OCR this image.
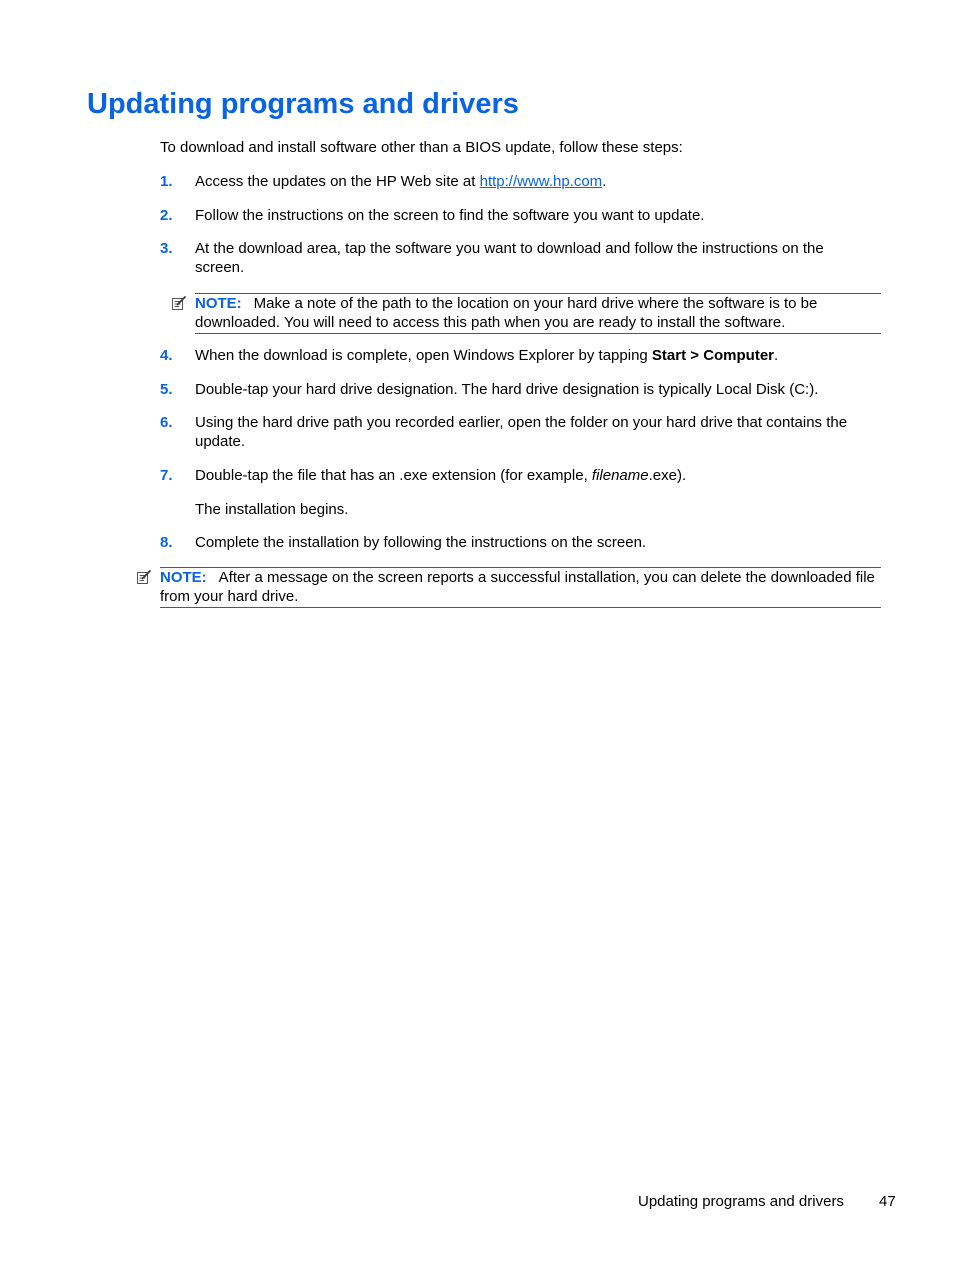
Updating programs and drivers

To download and install software other than a BIOS update, follow these steps:

1. Access the updates on the HP Web site at http://www.hp.com.
2. Follow the instructions on the screen to find the software you want to update.
3. At the download area, tap the software you want to download and follow the instructions on the screen.
NOTE: Make a note of the path to the location on your hard drive where the software is to be downloaded. You will need to access this path when you are ready to install the software.
4. When the download is complete, open Windows Explorer by tapping Start > Computer.
5. Double-tap your hard drive designation. The hard drive designation is typically Local Disk (C:).
6. Using the hard drive path you recorded earlier, open the folder on your hard drive that contains the update.
7. Double-tap the file that has an .exe extension (for example, filename.exe).
The installation begins.
8. Complete the installation by following the instructions on the screen.
NOTE: After a message on the screen reports a successful installation, you can delete the downloaded file from your hard drive.
Updating programs and drivers 47
